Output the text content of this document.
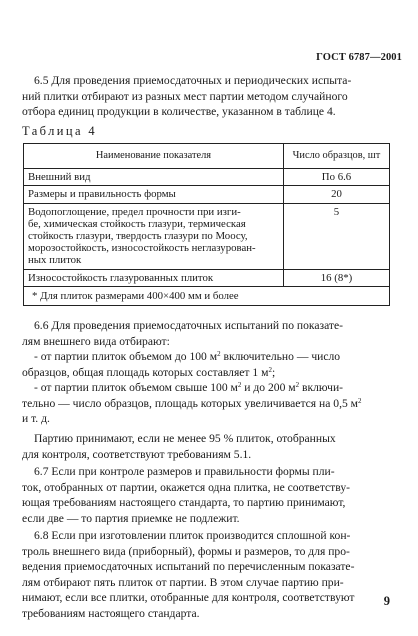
ГОСТ 6787—2001

6.5 Для проведения приемосдаточных и периодических испыта-
ний плитки отбирают из разных мест партии методом случайного
отбора единиц продукции в количестве, указанном в таблице 4.

Таблица 4
Наименование показателя	Число образцов, шт
Внешний вид	По 6.6
Размеры и правильность формы	20

Водопоглощение, предел прочности при изги-
бе, химическая стойкость глазури, термическая
стойкость глазури, твердость глазури по Моосу,
морозостойкость, износостойкость неглазурован-
ных плиток	5
Износостойкость глазурованных плиток	16 (8*)
* Для плиток размерами 400×400 мм и более	

6.6 Для проведения приемосдаточных испытаний по показате-
лям внешнего вида отбирают:
- от партии плиток объемом до 100 $м^2$ включительно — число
образцов, общая площадь которых составляет 1 $м^2$;
- от партии плиток объемом свыше 100 $м^2$ и до 200 $м^2$ включи-
тельно — число образцов, площадь которых увеличивается на 0,5 $м^2$
и т. д.

Партию принимают, если не менее 95 % плиток, отобранных
для контроля, соответствуют требованиям 5.1.

6.7 Если при контроле размеров и правильности формы пли-
ток, отобранных от партии, окажется одна плитка, не соответству-
ющая требованиям настоящего стандарта, то партию принимают,
если две — то партия приемке не подлежит.

6.8 Если при изготовлении плиток производится сплошной кон-
троль внешнего вида (приборный), формы и размеров, то для про-
ведения приемосдаточных испытаний по перечисленным показате-
лям отбирают пять плиток от партии. В этом случае партию при-
нимают, если все плитки, отобранные для контроля, соответствуют
требованиям настоящего стандарта.

9
